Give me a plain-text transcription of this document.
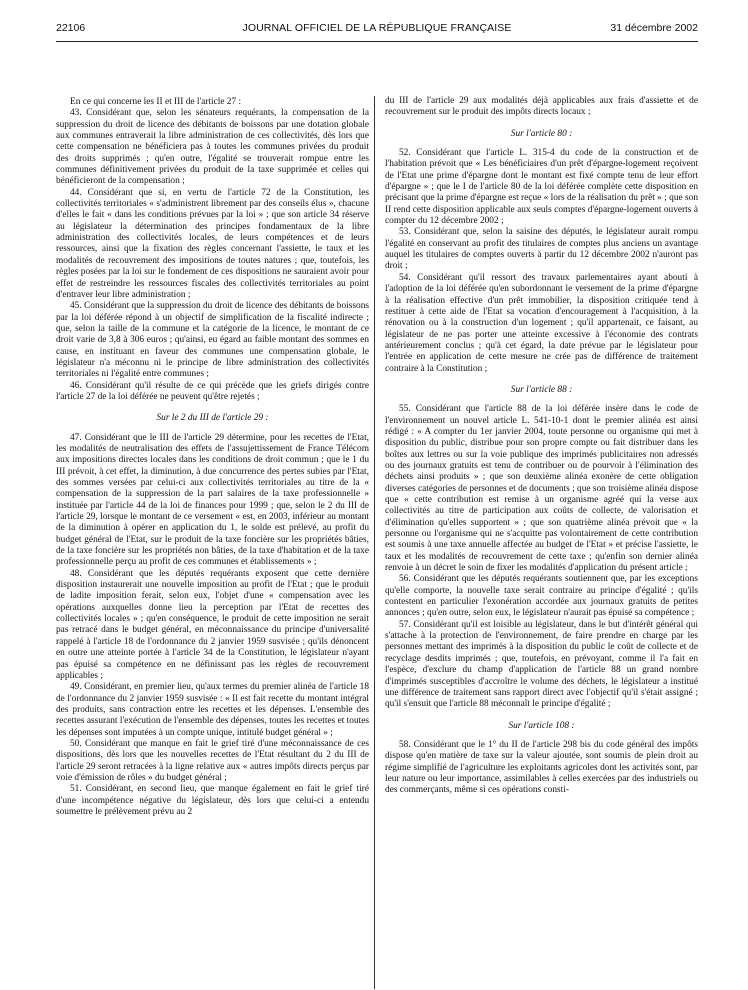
22106	JOURNAL OFFICIEL DE LA RÉPUBLIQUE FRANÇAISE	31 décembre 2002

En ce qui concerne les II et III de l'article 27 :

43. Considérant que, selon les sénateurs requérants, la compensation de la suppression du droit de licence des débitants de boissons par une dotation globale aux communes entraverait la libre administration de ces collectivités, dès lors que cette compensation ne bénéficiera pas à toutes les communes privées du produit des droits supprimés ; qu'en outre, l'égalité se trouverait rompue entre les communes définitivement privées du produit de la taxe supprimée et celles qui bénéficieront de la compensation ;

44. Considérant que si, en vertu de l'article 72 de la Constitution, les collectivités territoriales « s'administrent librement par des conseils élus », chacune d'elles le fait « dans les conditions prévues par la loi » ; que son article 34 réserve au législateur la détermination des principes fondamentaux de la libre administration des collectivités locales, de leurs compétences et de leurs ressources, ainsi que la fixation des règles concernant l'assiette, le taux et les modalités de recouvrement des impositions de toutes natures ; que, toutefois, les règles posées par la loi sur le fondement de ces dispositions ne sauraient avoir pour effet de restreindre les ressources fiscales des collectivités territoriales au point d'entraver leur libre administration ;

45. Considérant que la suppression du droit de licence des débitants de boissons par la loi déférée répond à un objectif de simplification de la fiscalité indirecte ; que, selon la taille de la commune et la catégorie de la licence, le montant de ce droit varie de 3,8 à 306 euros ; qu'ainsi, eu égard au faible montant des sommes en cause, en instituant en faveur des communes une compensation globale, le législateur n'a méconnu ni le principe de libre administration des collectivités territoriales ni l'égalité entre communes ;

46. Considérant qu'il résulte de ce qui précède que les griefs dirigés contre l'article 27 de la loi déférée ne peuvent qu'être rejetés ;

Sur le 2 du III de l'article 29 :

47. Considérant que le III de l'article 29 détermine, pour les recettes de l'Etat, les modalités de neutralisation des effets de l'assujettissement de France Télécom aux impositions directes locales dans les conditions de droit commun ; que le 1 du III prévoit, à cet effet, la diminution, à due concurrence des pertes subies par l'Etat, des sommes versées par celui-ci aux collectivités territoriales au titre de la « compensation de la suppression de la part salaires de la taxe professionnelle » instituée par l'article 44 de la loi de finances pour 1999 ; que, selon le 2 du III de l'article 29, lorsque le montant de ce versement « est, en 2003, inférieur au montant de la diminution à opérer en application du 1, le solde est prélevé, au profit du budget général de l'Etat, sur le produit de la taxe foncière sur les propriétés bâties, de la taxe foncière sur les propriétés non bâties, de la taxe d'habitation et de la taxe professionnelle perçu au profit de ces communes et établissements » ;

48. Considérant que les députés requérants exposent que cette dernière disposition instaurerait une nouvelle imposition au profit de l'Etat ; que le produit de ladite imposition ferait, selon eux, l'objet d'une « compensation avec les opérations auxquelles donne lieu la perception par l'Etat de recettes des collectivités locales » ; qu'en conséquence, le produit de cette imposition ne serait pas retracé dans le budget général, en méconnaissance du principe d'universalité rappelé à l'article 18 de l'ordonnance du 2 janvier 1959 susvisée ; qu'ils dénoncent en outre une atteinte portée à l'article 34 de la Constitution, le législateur n'ayant pas épuisé sa compétence en ne définissant pas les règles de recouvrement applicables ;

49. Considérant, en premier lieu, qu'aux termes du premier alinéa de l'article 18 de l'ordonnance du 2 janvier 1959 susvisée : « Il est fait recette du montant intégral des produits, sans contraction entre les recettes et les dépenses. L'ensemble des recettes assurant l'exécution de l'ensemble des dépenses, toutes les recettes et toutes les dépenses sont imputées à un compte unique, intitulé budget général » ;

50. Considérant que manque en fait le grief tiré d'une méconnaissance de ces dispositions, dès lors que les nouvelles recettes de l'Etat résultant du 2 du III de l'article 29 seront retracées à la ligne relative aux « autres impôts directs perçus par voie d'émission de rôles » du budget général ;

51. Considérant, en second lieu, que manque également en fait le grief tiré d'une incompétence négative du législateur, dès lors que celui-ci a entendu soumettre le prélèvement prévu au 2

du III de l'article 29 aux modalités déjà applicables aux frais d'assiette et de recouvrement sur le produit des impôts directs locaux ;

Sur l'article 80 :

52. Considérant que l'article L. 315-4 du code de la construction et de l'habitation prévoit que « Les bénéficiaires d'un prêt d'épargne-logement reçoivent de l'Etat une prime d'épargne dont le montant est fixé compte tenu de leur effort d'épargne » ; que le I de l'article 80 de la loi déférée complète cette disposition en précisant que la prime d'épargne est reçue « lors de la réalisation du prêt » ; que son II rend cette disposition applicable aux seuls comptes d'épargne-logement ouverts à compter du 12 décembre 2002 ;

53. Considérant que, selon la saisine des députés, le législateur aurait rompu l'égalité en conservant au profit des titulaires de comptes plus anciens un avantage auquel les titulaires de comptes ouverts à partir du 12 décembre 2002 n'auront pas droit ;

54. Considérant qu'il ressort des travaux parlementaires ayant abouti à l'adoption de la loi déférée qu'en subordonnant le versement de la prime d'épargne à la réalisation effective d'un prêt immobilier, la disposition critiquée tend à restituer à cette aide de l'Etat sa vocation d'encouragement à l'acquisition, à la rénovation ou à la construction d'un logement ; qu'il appartenait, ce faisant, au législateur de ne pas porter une atteinte excessive à l'économie des contrats antérieurement conclus ; qu'à cet égard, la date prévue par le législateur pour l'entrée en application de cette mesure ne crée pas de différence de traitement contraire à la Constitution ;

Sur l'article 88 :

55. Considérant que l'article 88 de la loi déférée insère dans le code de l'environnement un nouvel article L. 541-10-1 dont le premier alinéa est ainsi rédigé : « A compter du 1er janvier 2004, toute personne ou organisme qui met à disposition du public, distribue pour son propre compte ou fait distribuer dans les boîtes aux lettres ou sur la voie publique des imprimés publicitaires non adressés ou des journaux gratuits est tenu de contribuer ou de pourvoir à l'élimination des déchets ainsi produits » ; que son deuxième alinéa exonère de cette obligation diverses catégories de personnes et de documents ; que son troisième alinéa dispose que « cette contribution est remise à un organisme agréé qui la verse aux collectivités au titre de participation aux coûts de collecte, de valorisation et d'élimination qu'elles supportent » ; que son quatrième alinéa prévoit que « la personne ou l'organisme qui ne s'acquitte pas volontairement de cette contribution est soumis à une taxe annuelle affectée au budget de l'Etat » et précise l'assiette, le taux et les modalités de recouvrement de cette taxe ; qu'enfin son dernier alinéa renvoie à un décret le soin de fixer les modalités d'application du présent article ;

56. Considérant que les députés requérants soutiennent que, par les exceptions qu'elle comporte, la nouvelle taxe serait contraire au principe d'égalité ; qu'ils contestent en particulier l'exonération accordée aux journaux gratuits de petites annonces ; qu'en outre, selon eux, le législateur n'aurait pas épuisé sa compétence ;

57. Considérant qu'il est loisible au législateur, dans le but d'intérêt général qui s'attache à la protection de l'environnement, de faire prendre en charge par les personnes mettant des imprimés à la disposition du public le coût de collecte et de recyclage desdits imprimés ; que, toutefois, en prévoyant, comme il l'a fait en l'espèce, d'exclure du champ d'application de l'article 88 un grand nombre d'imprimés susceptibles d'accroître le volume des déchets, le législateur a institué une différence de traitement sans rapport direct avec l'objectif qu'il s'était assigné ; qu'il s'ensuit que l'article 88 méconnaît le principe d'égalité ;

Sur l'article 108 :

58. Considérant que le 1° du II de l'article 298 bis du code général des impôts dispose qu'en matière de taxe sur la valeur ajoutée, sont soumis de plein droit au régime simplifié de l'agriculture les exploitants agricoles dont les activités sont, par leur nature ou leur importance, assimilables à celles exercées par des industriels ou des commerçants, même si ces opérations consti-
